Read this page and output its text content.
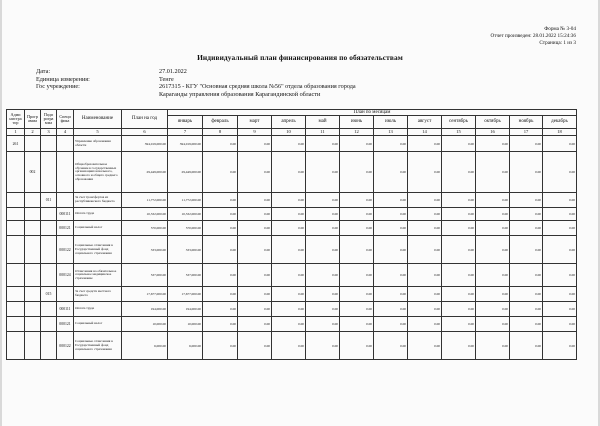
Форма № 3-04
Отчет произведен: 28.01.2022 15:24:36
Страница: 1 из 3
Индивидуальный план финансирования по обязательствам
Дата:	27.01.2022
Единица измерения:	Тенге
Гос учреждение:	2617315 - КГУ "Основная средняя школа №56" отдела образования города
Караганды управления образования Карагандинской области
Адми нистра тор	Прогр амма	Подп рогра мма	Специ фика	Наименование	План на год	План по месяцам											
						январь	февраль	март	апрель	май	июнь	июль	август	сентябрь	октябрь	ноябрь	декабрь
1	2	3	4	5	6	7	8	9	10	11	12	13	14	15	16	17	18
261				Управление образования области	394,019,000.00	394,019,000.00	0.00	0.00	0.00	0.00	0.00	0.00	0.00	0.00	0.00	0.00	0.00
	002			Общеобразовательное обучение в государственных организациях начального, основного и общего среднего образования	29,449,000.00	29,449,000.00	0.00	0.00	0.00	0.00	0.00	0.00	0.00	0.00	0.00	0.00	0.00
		011		За счет трансфертов из республиканского бюджета	11,772,000.00	11,772,000.00	0.00	0.00	0.00	0.00	0.00	0.00	0.00	0.00	0.00	0.00	0.00
			000111	Оплата труда	10,332,000.00	10,332,000.00	0.00	0.00	0.00	0.00	0.00	0.00	0.00	0.00	0.00	0.00	0.00
			000121	Социальный налог	570,000.00	570,000.00	0.00	0.00	0.00	0.00	0.00	0.00	0.00	0.00	0.00	0.00	0.00
			000122	Социальные отчисления в Государственный фонд социального страхования	333,000.00	333,000.00	0.00	0.00	0.00	0.00	0.00	0.00	0.00	0.00	0.00	0.00	0.00
			000124	Отчисления на обязательное социальное медицинское страхование	537,000.00	537,000.00	0.00	0.00	0.00	0.00	0.00	0.00	0.00	0.00	0.00	0.00	0.00
		015		За счет средств местного бюджета	17,677,000.00	17,677,000.00	0.00	0.00	0.00	0.00	0.00	0.00	0.00	0.00	0.00	0.00	0.00
			000111	Оплата труда	194,000.00	194,000.00	0.00	0.00	0.00	0.00	0.00	0.00	0.00	0.00	0.00	0.00	0.00
			000121	Социальный налог	10,000.00	10,000.00	0.00	0.00	0.00	0.00	0.00	0.00	0.00	0.00	0.00	0.00	0.00
			000122	Социальные отчисления в Государственный фонд социального страхования	6,000.00	6,000.00	0.00	0.00	0.00	0.00	0.00	0.00	0.00	0.00	0.00	0.00	0.00
